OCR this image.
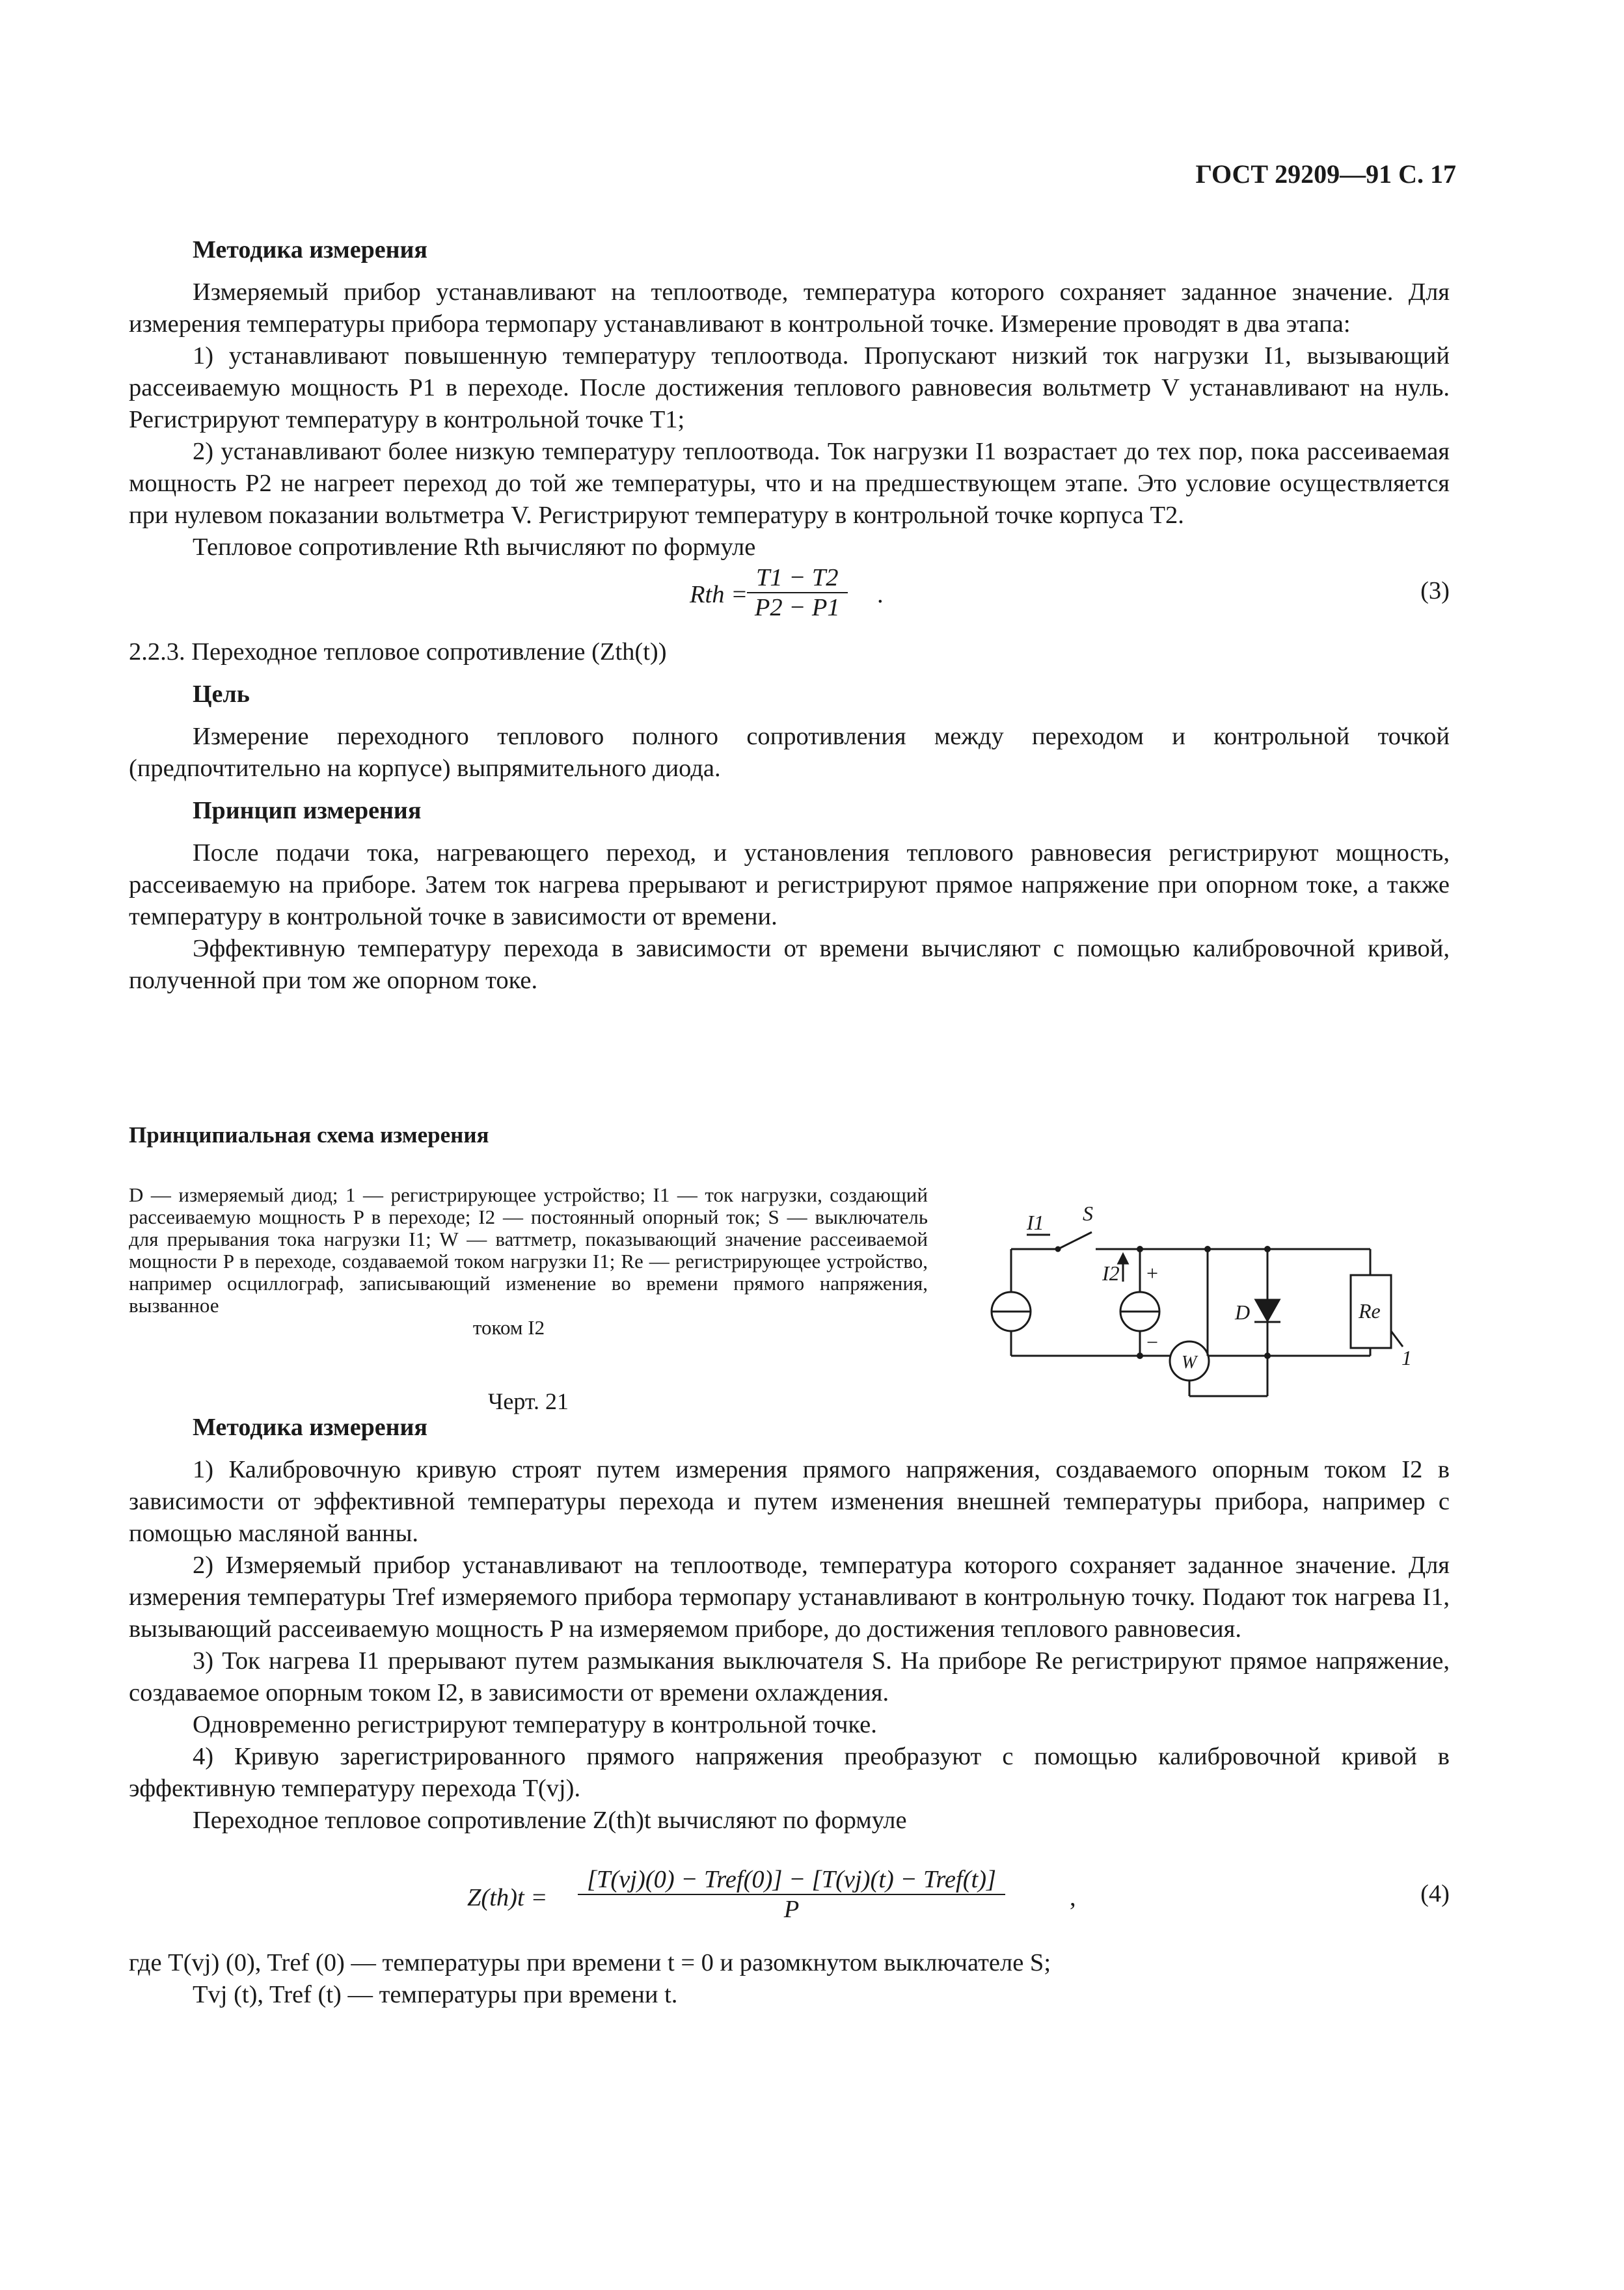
ГОСТ 29209—91 С. 17

Методика измерения

Измеряемый прибор устанавливают на теплоотводе, температура которого сохраняет заданное значение. Для измерения температуры прибора термопару устанавливают в контрольной точке. Измерение проводят в два этапа:

1) устанавливают повышенную температуру теплоотвода. Пропускают низкий ток нагрузки I1, вызывающий рассеиваемую мощность P1 в переходе. После достижения теплового равновесия вольтметр V устанавливают на нуль. Регистрируют температуру в контрольной точке T1;

2) устанавливают более низкую температуру теплоотвода. Ток нагрузки I1 возрастает до тех пор, пока рассеиваемая мощность P2 не нагреет переход до той же температуры, что и на предшествующем этапе. Это условие осуществляется при нулевом показании вольтметра V. Регистрируют температуру в контрольной точке корпуса T2.

Тепловое сопротивление Rth вычисляют по формуле

Rth =
$\frac{T1 - T2}{P2 - P1}$ .	(3)

2.2.3. Переходное тепловое сопротивление (Zth(t))

Цель

Измерение переходного теплового полного сопротивления между переходом и контрольной точкой (предпочтительно на корпусе) выпрямительного диода.

Принцип измерения

После подачи тока, нагревающего переход, и установления теплового равновесия регистрируют мощность, рассеиваемую на приборе. Затем ток нагрева прерывают и регистрируют прямое напряжение при опорном токе, а также температуру в контрольной точке в зависимости от времени.

Эффективную температуру перехода в зависимости от времени вычисляют с помощью калибровочной кривой, полученной при том же опорном токе.

Принципиальная схема измерения

D — измеряемый диод; 1 — регистрирующее устройство; I1 — ток нагрузки, создающий рассеиваемую мощность P в переходе; I2 — постоянный опорный ток; S — выключатель для прерывания тока нагрузки I1; W — ваттметр, показывающий значение рассеиваемой мощности P в переходе, создаваемой током нагрузки I1; Re — регистрирующее устройство, например осциллограф, записывающий изменение во времени прямого напряжения, вызванное
током I2
S
I1
I2
D	Re
1
W
+
−
Черт. 21

Методика измерения

1) Калибровочную кривую строят путем измерения прямого напряжения, создаваемого опорным током I2 в зависимости от эффективной температуры перехода и путем изменения внешней температуры прибора, например с помощью масляной ванны.

2) Измеряемый прибор устанавливают на теплоотводе, температура которого сохраняет заданное значение. Для измерения температуры Tref измеряемого прибора термопару устанавливают в контрольную точку. Подают ток нагрева I1, вызывающий рассеиваемую мощность P на измеряемом приборе, до достижения теплового равновесия.

3) Ток нагрева I1 прерывают путем размыкания выключателя S. На приборе Re регистрируют прямое напряжение, создаваемое опорным током I2, в зависимости от времени охлаждения.

Одновременно регистрируют температуру в контрольной точке.

4) Кривую зарегистрированного прямого напряжения преобразуют с помощью калибровочной кривой в эффективную температуру перехода T(vj).

Переходное тепловое сопротивление Z(th)t вычисляют по формуле

Z(th)t =
[T(vj)(0) − Tref(0)] − [T(vj)(t) − Tref(t)]
P	,	(4)

где T(vj) (0), Tref (0) — температуры при времени t = 0 и разомкнутом выключателе S;

Tvj (t), Tref (t) — температуры при времени t.
